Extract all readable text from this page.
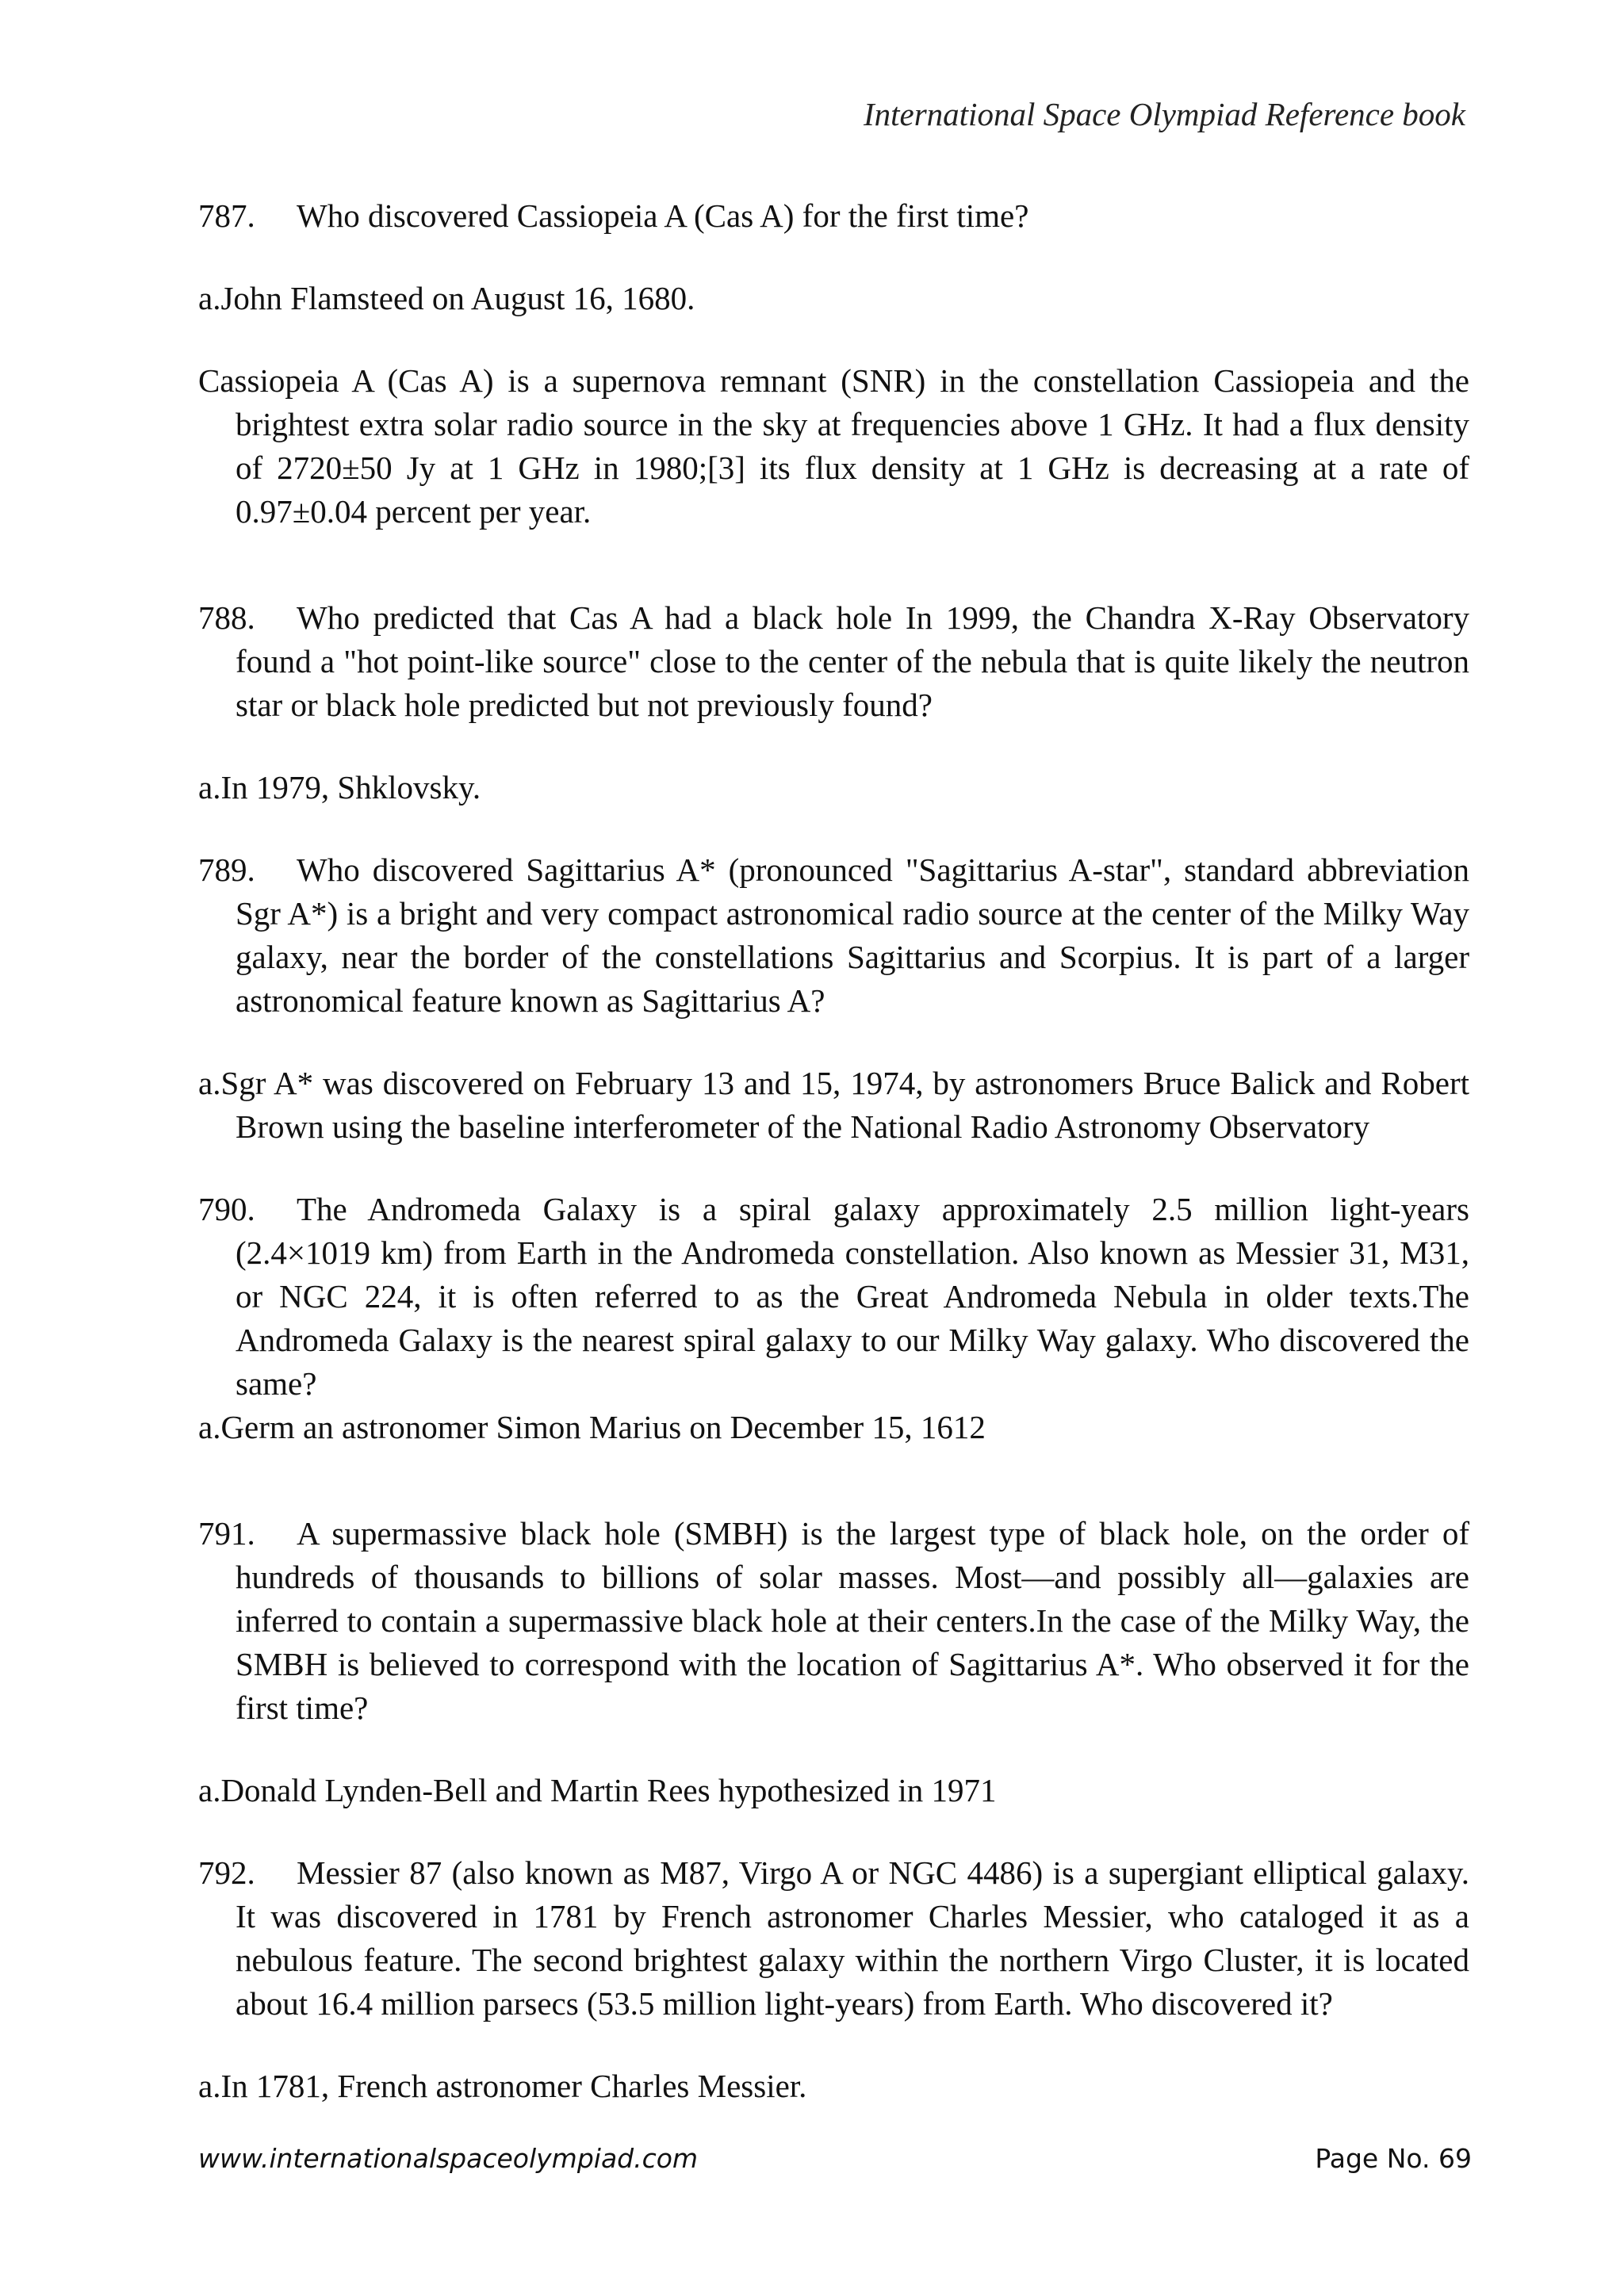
International Space Olympiad Reference book

787. Who discovered Cassiopeia A (Cas A) for the first time?

a.John Flamsteed on August 16, 1680.

Cassiopeia A (Cas A) is a supernova remnant (SNR) in the constellation Cassiopeia and the brightest extra solar radio source in the sky at frequencies above 1 GHz. It had a flux density of 2720±50 Jy at 1 GHz in 1980;[3] its flux density at 1 GHz is decreasing at a rate of 0.97±0.04 percent per year.

788. Who predicted that Cas A had a black hole In 1999, the Chandra X-Ray Observatory found a "hot point-like source" close to the center of the nebula that is quite likely the neutron star or black hole predicted but not previously found?

a.In 1979, Shklovsky.

789. Who discovered Sagittarius A* (pronounced "Sagittarius A-star", standard abbreviation Sgr A*) is a bright and very compact astronomical radio source at the center of the Milky Way galaxy, near the border of the constellations Sagittarius and Scorpius. It is part of a larger astronomical feature known as Sagittarius A?

a.Sgr A* was discovered on February 13 and 15, 1974, by astronomers Bruce Balick and Robert Brown using the baseline interferometer of the National Radio Astronomy Observatory

790. The Andromeda Galaxy is a spiral galaxy approximately 2.5 million light-years (2.4×1019 km) from Earth in the Andromeda constellation. Also known as Messier 31, M31, or NGC 224, it is often referred to as the Great Andromeda Nebula in older texts.The Andromeda Galaxy is the nearest spiral galaxy to our Milky Way galaxy. Who discovered the same?

a.Germ an astronomer Simon Marius on December 15, 1612

791. A supermassive black hole (SMBH) is the largest type of black hole, on the order of hundreds of thousands to billions of solar masses. Most—and possibly all—galaxies are inferred to contain a supermassive black hole at their centers.In the case of the Milky Way, the SMBH is believed to correspond with the location of Sagittarius A*. Who observed it for the first time?

a.Donald Lynden-Bell and Martin Rees hypothesized in 1971

792. Messier 87 (also known as M87, Virgo A or NGC 4486) is a supergiant elliptical galaxy. It was discovered in 1781 by French astronomer Charles Messier, who cataloged it as a nebulous feature. The second brightest galaxy within the northern Virgo Cluster, it is located about 16.4 million parsecs (53.5 million light-years) from Earth. Who discovered it?

a.In 1781, French astronomer Charles Messier.

www.internationalspaceolympiad.com	Page No. 69
